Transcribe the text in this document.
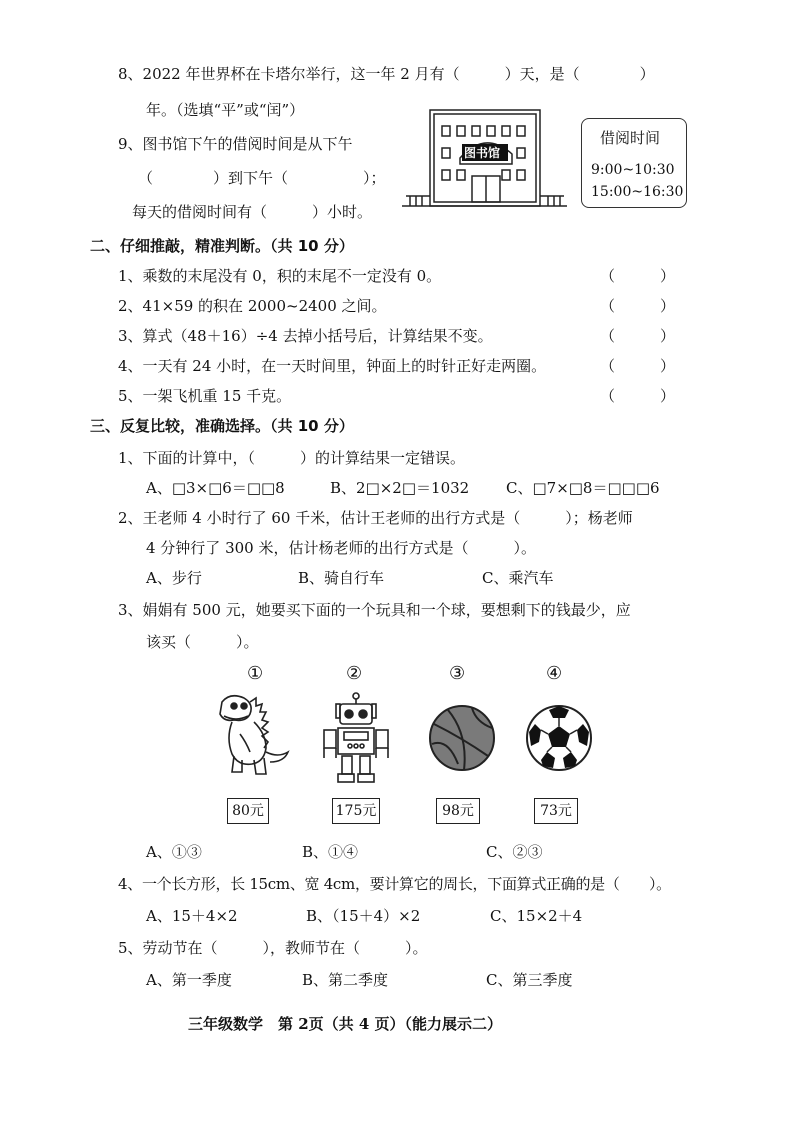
8、2022 年世界杯在卡塔尔举行，这一年 2 月有（　　　）天，是（　　　　）
年。（选填“平”或“闰”）
9、图书馆下午的借阅时间是从下午
（　　　　）到下午（　　　　　）；
每天的借阅时间有（　　　）小时。
图书馆
借阅时间
9:00~10:30
15:00~16:30
二、仔细推敲，精准判断。（共 10 分）
1、乘数的末尾没有 0，积的末尾不一定没有 0。	（　　　）
2、41×59 的积在 2000~2400 之间。	（　　　）
3、算式（48＋16）÷4 去掉小括号后，计算结果不变。	（　　　）
4、一天有 24 小时，在一天时间里，钟面上的时针正好走两圈。	（　　　）
5、一架飞机重 15 千克。	（　　　）
三、反复比较，准确选择。（共 10 分）
1、下面的计算中，（　　　）的计算结果一定错误。
A、□3×□6＝□□8	B、2□×2□＝1032 C、□7×□8＝□□□6
2、王老师 4 小时行了 60 千米，估计王老师的出行方式是（　　　）；杨老师
4 分钟行了 300 米，估计杨老师的出行方式是（　　　）。
A、步行	B、骑自行车	C、乘汽车
3、娟娟有 500 元，她要买下面的一个玩具和一个球，要想剩下的钱最少，应
该买（　　　）。
①	②	③	④
80元	175元	98元	73元
A、①③	B、①④	C、②③
4、一个长方形，长 15cm、宽 4cm，要计算它的周长，下面算式正确的是（　　）。
A、15＋4×2	B、（15＋4）×2	C、15×2＋4
5、劳动节在（　　　），教师节在（　　　）。
A、第一季度	B、第二季度	C、第三季度
三年级数学　第 2页（共 4 页）（能力展示二）
